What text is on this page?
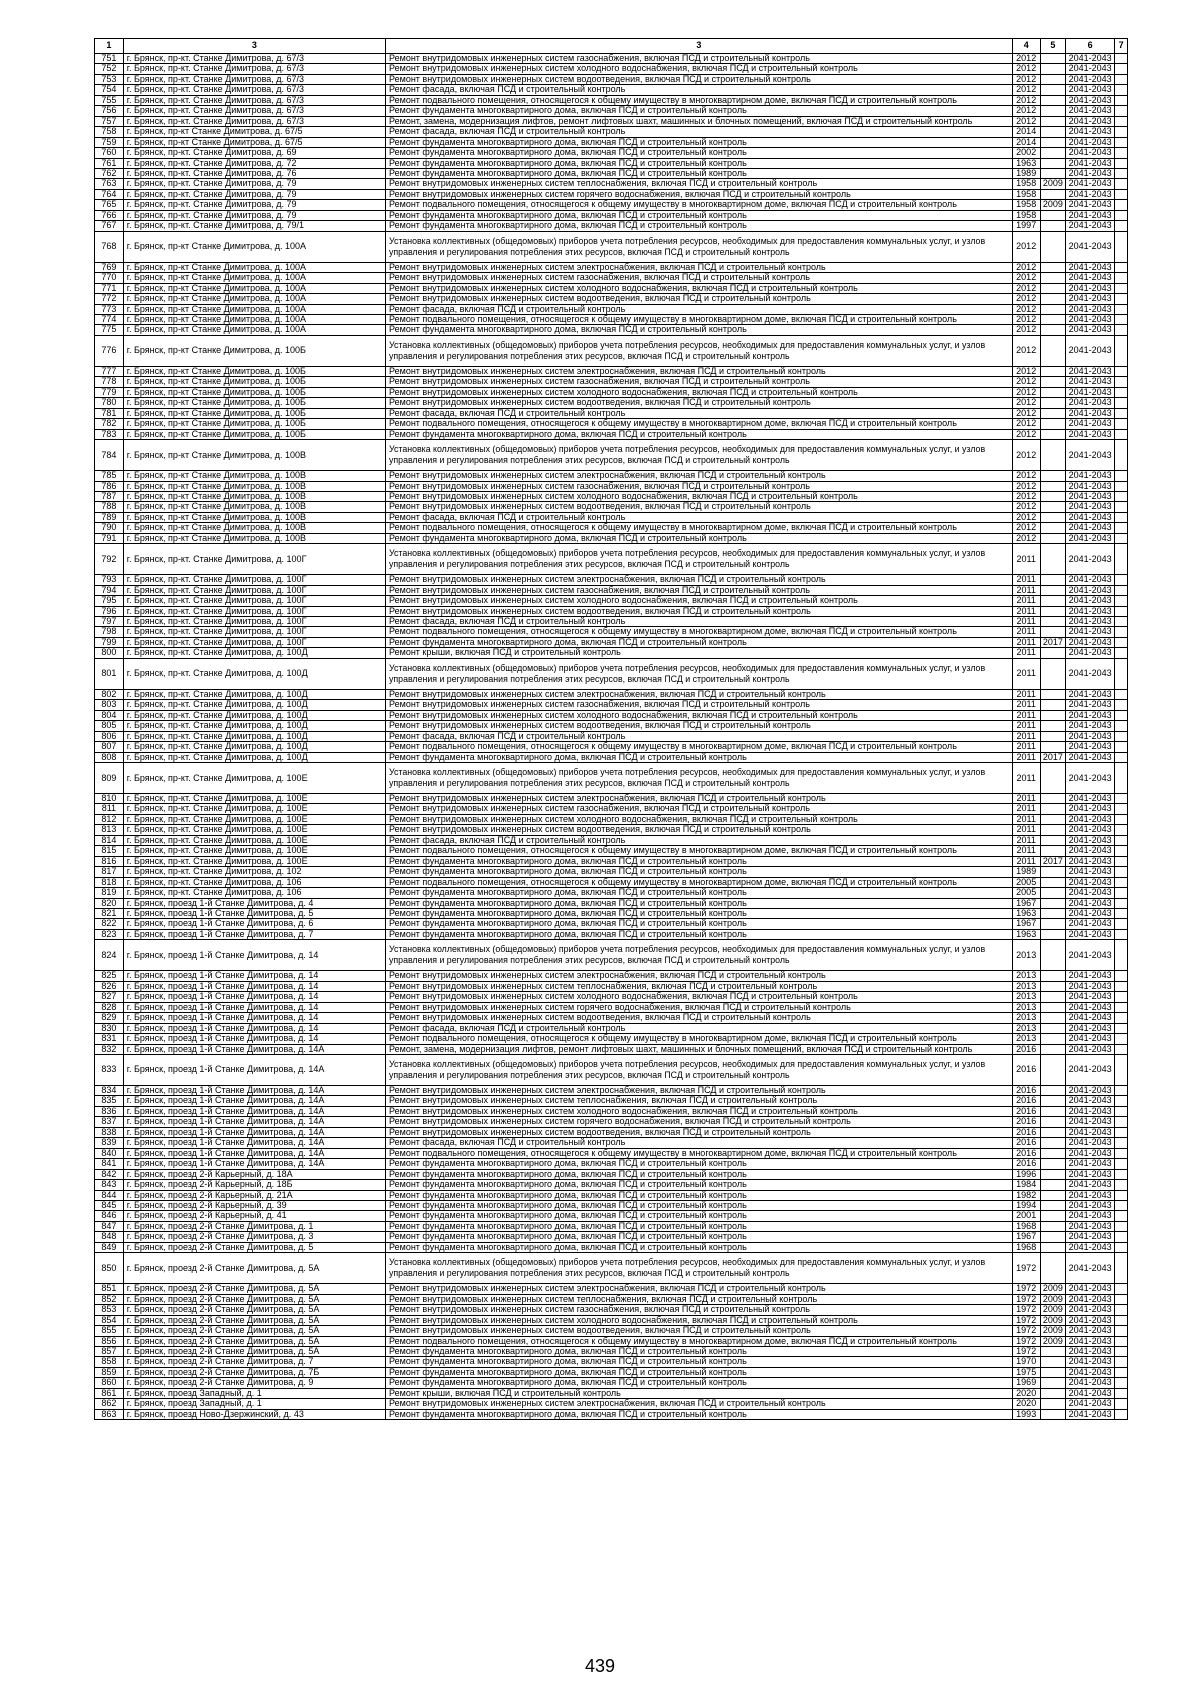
1	3	3	4	5	6	7
751	г. Брянск, пр-кт. Станке Димитрова, д. 67/3	Ремонт внутридомовых инженерных систем газоснабжения, включая ПСД и строительный контроль	2012		2041-2043	
752	г. Брянск, пр-кт. Станке Димитрова, д. 67/3	Ремонт внутридомовых инженерных систем холодного водоснабжения, включая ПСД и строительный контроль	2012		2041-2043	
753	г. Брянск, пр-кт. Станке Димитрова, д. 67/3	Ремонт внутридомовых инженерных систем водоотведения, включая ПСД и строительный контроль	2012		2041-2043	
754	г. Брянск, пр-кт. Станке Димитрова, д. 67/3	Ремонт фасада, включая ПСД и строительный контроль	2012		2041-2043	
755	г. Брянск, пр-кт. Станке Димитрова, д. 67/3	Ремонт подвального помещения, относящегося к общему имуществу в многоквартирном доме, включая ПСД и строительный контроль	2012		2041-2043	
756	г. Брянск, пр-кт. Станке Димитрова, д. 67/3	Ремонт фундамента многоквартирного дома, включая ПСД и строительный контроль	2012		2041-2043	
757	г. Брянск, пр-кт. Станке Димитрова, д. 67/3	Ремонт, замена, модернизация лифтов, ремонт лифтовых шахт, машинных и блочных помещений, включая ПСД и строительный контроль	2012		2041-2043	
758	г. Брянск, пр-кт Станке Димитрова, д. 67/5	Ремонт фасада, включая ПСД и строительный контроль	2014		2041-2043	
759	г. Брянск, пр-кт Станке Димитрова, д. 67/5	Ремонт фундамента многоквартирного дома, включая ПСД и строительный контроль	2014		2041-2043	
760	г. Брянск, пр-кт. Станке Димитрова, д. 69	Ремонт фундамента многоквартирного дома, включая ПСД и строительный контроль	2002		2041-2043	
761	г. Брянск, пр-кт. Станке Димитрова, д. 72	Ремонт фундамента многоквартирного дома, включая ПСД и строительный контроль	1963		2041-2043	
762	г. Брянск, пр-кт. Станке Димитрова, д. 76	Ремонт фундамента многоквартирного дома, включая ПСД и строительный контроль	1989		2041-2043	
763	г. Брянск, пр-кт. Станке Димитрова, д. 79	Ремонт внутридомовых инженерных систем теплоснабжения, включая ПСД и строительный контроль	1958	2009	2041-2043	
764	г. Брянск, пр-кт. Станке Димитрова, д. 79	Ремонт внутридомовых инженерных систем горячего водоснабжения, включая ПСД и строительный контроль	1958		2041-2043	
765	г. Брянск, пр-кт. Станке Димитрова, д. 79	Ремонт подвального помещения, относящегося к общему имуществу в многоквартирном доме, включая ПСД и строительный контроль	1958	2009	2041-2043	
766	г. Брянск, пр-кт. Станке Димитрова, д. 79	Ремонт фундамента многоквартирного дома, включая ПСД и строительный контроль	1958		2041-2043	
767	г. Брянск, пр-кт. Станке Димитрова, д. 79/1	Ремонт фундамента многоквартирного дома, включая ПСД и строительный контроль	1997		2041-2043	
768	г. Брянск, пр-кт Станке Димитрова, д. 100А	Установка коллективных (общедомовых) приборов учета потребления ресурсов, необходимых для предоставления коммунальных услуг, и узлов управления и регулирования потребления этих ресурсов, включая ПСД и строительный контроль	2012		2041-2043	
769	г. Брянск, пр-кт Станке Димитрова, д. 100А	Ремонт внутридомовых инженерных систем электроснабжения, включая ПСД и строительный контроль	2012		2041-2043	
770	г. Брянск, пр-кт Станке Димитрова, д. 100А	Ремонт внутридомовых инженерных систем газоснабжения, включая ПСД и строительный контроль	2012		2041-2043	
771	г. Брянск, пр-кт Станке Димитрова, д. 100А	Ремонт внутридомовых инженерных систем холодного водоснабжения, включая ПСД и строительный контроль	2012		2041-2043	
772	г. Брянск, пр-кт Станке Димитрова, д. 100А	Ремонт внутридомовых инженерных систем водоотведения, включая ПСД и строительный контроль	2012		2041-2043	
773	г. Брянск, пр-кт Станке Димитрова, д. 100А	Ремонт фасада, включая ПСД и строительный контроль	2012		2041-2043	
774	г. Брянск, пр-кт Станке Димитрова, д. 100А	Ремонт подвального помещения, относящегося к общему имуществу в многоквартирном доме, включая ПСД и строительный контроль	2012		2041-2043	
775	г. Брянск, пр-кт Станке Димитрова, д. 100А	Ремонт фундамента многоквартирного дома, включая ПСД и строительный контроль	2012		2041-2043	
776	г. Брянск, пр-кт Станке Димитрова, д. 100Б	Установка коллективных (общедомовых) приборов учета потребления ресурсов, необходимых для предоставления коммунальных услуг, и узлов управления и регулирования потребления этих ресурсов, включая ПСД и строительный контроль	2012		2041-2043	
777	г. Брянск, пр-кт Станке Димитрова, д. 100Б	Ремонт внутридомовых инженерных систем электроснабжения, включая ПСД и строительный контроль	2012		2041-2043	
778	г. Брянск, пр-кт Станке Димитрова, д. 100Б	Ремонт внутридомовых инженерных систем газоснабжения, включая ПСД и строительный контроль	2012		2041-2043	
779	г. Брянск, пр-кт Станке Димитрова, д. 100Б	Ремонт внутридомовых инженерных систем холодного водоснабжения, включая ПСД и строительный контроль	2012		2041-2043	
780	г. Брянск, пр-кт Станке Димитрова, д. 100Б	Ремонт внутридомовых инженерных систем водоотведения, включая ПСД и строительный контроль	2012		2041-2043	
781	г. Брянск, пр-кт Станке Димитрова, д. 100Б	Ремонт фасада, включая ПСД и строительный контроль	2012		2041-2043	
782	г. Брянск, пр-кт Станке Димитрова, д. 100Б	Ремонт подвального помещения, относящегося к общему имуществу в многоквартирном доме, включая ПСД и строительный контроль	2012		2041-2043	
783	г. Брянск, пр-кт Станке Димитрова, д. 100Б	Ремонт фундамента многоквартирного дома, включая ПСД и строительный контроль	2012		2041-2043	
784	г. Брянск, пр-кт Станке Димитрова, д. 100В	Установка коллективных (общедомовых) приборов учета потребления ресурсов, необходимых для предоставления коммунальных услуг, и узлов управления и регулирования потребления этих ресурсов, включая ПСД и строительный контроль	2012		2041-2043	
785	г. Брянск, пр-кт Станке Димитрова, д. 100В	Ремонт внутридомовых инженерных систем электроснабжения, включая ПСД и строительный контроль	2012		2041-2043	
786	г. Брянск, пр-кт Станке Димитрова, д. 100В	Ремонт внутридомовых инженерных систем газоснабжения, включая ПСД и строительный контроль	2012		2041-2043	
787	г. Брянск, пр-кт Станке Димитрова, д. 100В	Ремонт внутридомовых инженерных систем холодного водоснабжения, включая ПСД и строительный контроль	2012		2041-2043	
788	г. Брянск, пр-кт Станке Димитрова, д. 100В	Ремонт внутридомовых инженерных систем водоотведения, включая ПСД и строительный контроль	2012		2041-2043	
789	г. Брянск, пр-кт Станке Димитрова, д. 100В	Ремонт фасада, включая ПСД и строительный контроль	2012		2041-2043	
790	г. Брянск, пр-кт Станке Димитрова, д. 100В	Ремонт подвального помещения, относящегося к общему имуществу в многоквартирном доме, включая ПСД и строительный контроль	2012		2041-2043	
791	г. Брянск, пр-кт Станке Димитрова, д. 100В	Ремонт фундамента многоквартирного дома, включая ПСД и строительный контроль	2012		2041-2043	
792	г. Брянск, пр-кт. Станке Димитрова, д. 100Г	Установка коллективных (общедомовых) приборов учета потребления ресурсов, необходимых для предоставления коммунальных услуг, и узлов управления и регулирования потребления этих ресурсов, включая ПСД и строительный контроль	2011		2041-2043	
793	г. Брянск, пр-кт. Станке Димитрова, д. 100Г	Ремонт внутридомовых инженерных систем электроснабжения, включая ПСД и строительный контроль	2011		2041-2043	
794	г. Брянск, пр-кт. Станке Димитрова, д. 100Г	Ремонт внутридомовых инженерных систем газоснабжения, включая ПСД и строительный контроль	2011		2041-2043	
795	г. Брянск, пр-кт. Станке Димитрова, д. 100Г	Ремонт внутридомовых инженерных систем холодного водоснабжения, включая ПСД и строительный контроль	2011		2041-2043	
796	г. Брянск, пр-кт. Станке Димитрова, д. 100Г	Ремонт внутридомовых инженерных систем водоотведения, включая ПСД и строительный контроль	2011		2041-2043	
797	г. Брянск, пр-кт. Станке Димитрова, д. 100Г	Ремонт фасада, включая ПСД и строительный контроль	2011		2041-2043	
798	г. Брянск, пр-кт. Станке Димитрова, д. 100Г	Ремонт подвального помещения, относящегося к общему имуществу в многоквартирном доме, включая ПСД и строительный контроль	2011		2041-2043	
799	г. Брянск, пр-кт. Станке Димитрова, д. 100Г	Ремонт фундамента многоквартирного дома, включая ПСД и строительный контроль	2011	2017	2041-2043	
800	г. Брянск, пр-кт. Станке Димитрова, д. 100Д	Ремонт крыши, включая ПСД и строительный контроль	2011		2041-2043	
801	г. Брянск, пр-кт. Станке Димитрова, д. 100Д	Установка коллективных (общедомовых) приборов учета потребления ресурсов, необходимых для предоставления коммунальных услуг, и узлов управления и регулирования потребления этих ресурсов, включая ПСД и строительный контроль	2011		2041-2043	
802	г. Брянск, пр-кт. Станке Димитрова, д. 100Д	Ремонт внутридомовых инженерных систем электроснабжения, включая ПСД и строительный контроль	2011		2041-2043	
803	г. Брянск, пр-кт. Станке Димитрова, д. 100Д	Ремонт внутридомовых инженерных систем газоснабжения, включая ПСД и строительный контроль	2011		2041-2043	
804	г. Брянск, пр-кт. Станке Димитрова, д. 100Д	Ремонт внутридомовых инженерных систем холодного водоснабжения, включая ПСД и строительный контроль	2011		2041-2043	
805	г. Брянск, пр-кт. Станке Димитрова, д. 100Д	Ремонт внутридомовых инженерных систем водоотведения, включая ПСД и строительный контроль	2011		2041-2043	
806	г. Брянск, пр-кт. Станке Димитрова, д. 100Д	Ремонт фасада, включая ПСД и строительный контроль	2011		2041-2043	
807	г. Брянск, пр-кт. Станке Димитрова, д. 100Д	Ремонт подвального помещения, относящегося к общему имуществу в многоквартирном доме, включая ПСД и строительный контроль	2011		2041-2043	
808	г. Брянск, пр-кт. Станке Димитрова, д. 100Д	Ремонт фундамента многоквартирного дома, включая ПСД и строительный контроль	2011	2017	2041-2043	
809	г. Брянск, пр-кт. Станке Димитрова, д. 100Е	Установка коллективных (общедомовых) приборов учета потребления ресурсов, необходимых для предоставления коммунальных услуг, и узлов управления и регулирования потребления этих ресурсов, включая ПСД и строительный контроль	2011		2041-2043	
810	г. Брянск, пр-кт. Станке Димитрова, д. 100Е	Ремонт внутридомовых инженерных систем электроснабжения, включая ПСД и строительный контроль	2011		2041-2043	
811	г. Брянск, пр-кт. Станке Димитрова, д. 100Е	Ремонт внутридомовых инженерных систем газоснабжения, включая ПСД и строительный контроль	2011		2041-2043	
812	г. Брянск, пр-кт. Станке Димитрова, д. 100Е	Ремонт внутридомовых инженерных систем холодного водоснабжения, включая ПСД и строительный контроль	2011		2041-2043	
813	г. Брянск, пр-кт. Станке Димитрова, д. 100Е	Ремонт внутридомовых инженерных систем водоотведения, включая ПСД и строительный контроль	2011		2041-2043	
814	г. Брянск, пр-кт. Станке Димитрова, д. 100Е	Ремонт фасада, включая ПСД и строительный контроль	2011		2041-2043	
815	г. Брянск, пр-кт. Станке Димитрова, д. 100Е	Ремонт подвального помещения, относящегося к общему имуществу в многоквартирном доме, включая ПСД и строительный контроль	2011		2041-2043	
816	г. Брянск, пр-кт. Станке Димитрова, д. 100Е	Ремонт фундамента многоквартирного дома, включая ПСД и строительный контроль	2011	2017	2041-2043	
817	г. Брянск, пр-кт. Станке Димитрова, д. 102	Ремонт фундамента многоквартирного дома, включая ПСД и строительный контроль	1989		2041-2043	
818	г. Брянск, пр-кт. Станке Димитрова, д. 106	Ремонт подвального помещения, относящегося к общему имуществу в многоквартирном доме, включая ПСД и строительный контроль	2005		2041-2043	
819	г. Брянск, пр-кт. Станке Димитрова, д. 106	Ремонт фундамента многоквартирного дома, включая ПСД и строительный контроль	2005		2041-2043	
820	г. Брянск, проезд 1-й Станке Димитрова, д. 4	Ремонт фундамента многоквартирного дома, включая ПСД и строительный контроль	1967		2041-2043	
821	г. Брянск, проезд 1-й Станке Димитрова, д. 5	Ремонт фундамента многоквартирного дома, включая ПСД и строительный контроль	1963		2041-2043	
822	г. Брянск, проезд 1-й Станке Димитрова, д. 6	Ремонт фундамента многоквартирного дома, включая ПСД и строительный контроль	1967		2041-2043	
823	г. Брянск, проезд 1-й Станке Димитрова, д. 7	Ремонт фундамента многоквартирного дома, включая ПСД и строительный контроль	1963		2041-2043	
824	г. Брянск, проезд 1-й Станке Димитрова, д. 14	Установка коллективных (общедомовых) приборов учета потребления ресурсов, необходимых для предоставления коммунальных услуг, и узлов управления и регулирования потребления этих ресурсов, включая ПСД и строительный контроль	2013		2041-2043	
825	г. Брянск, проезд 1-й Станке Димитрова, д. 14	Ремонт внутридомовых инженерных систем электроснабжения, включая ПСД и строительный контроль	2013		2041-2043	
826	г. Брянск, проезд 1-й Станке Димитрова, д. 14	Ремонт внутридомовых инженерных систем теплоснабжения, включая ПСД и строительный контроль	2013		2041-2043	
827	г. Брянск, проезд 1-й Станке Димитрова, д. 14	Ремонт внутридомовых инженерных систем холодного водоснабжения, включая ПСД и строительный контроль	2013		2041-2043	
828	г. Брянск, проезд 1-й Станке Димитрова, д. 14	Ремонт внутридомовых инженерных систем горячего водоснабжения, включая ПСД и строительный контроль	2013		2041-2043	
829	г. Брянск, проезд 1-й Станке Димитрова, д. 14	Ремонт внутридомовых инженерных систем водоотведения, включая ПСД и строительный контроль	2013		2041-2043	
830	г. Брянск, проезд 1-й Станке Димитрова, д. 14	Ремонт фасада, включая ПСД и строительный контроль	2013		2041-2043	
831	г. Брянск, проезд 1-й Станке Димитрова, д. 14	Ремонт подвального помещения, относящегося к общему имуществу в многоквартирном доме, включая ПСД и строительный контроль	2013		2041-2043	
832	г. Брянск, проезд 1-й Станке Димитрова, д. 14А	Ремонт, замена, модернизация лифтов, ремонт лифтовых шахт, машинных и блочных помещений, включая ПСД и строительный контроль	2016		2041-2043	
833	г. Брянск, проезд 1-й Станке Димитрова, д. 14А	Установка коллективных (общедомовых) приборов учета потребления ресурсов, необходимых для предоставления коммунальных услуг, и узлов управления и регулирования потребления этих ресурсов, включая ПСД и строительный контроль	2016		2041-2043	
834	г. Брянск, проезд 1-й Станке Димитрова, д. 14А	Ремонт внутридомовых инженерных систем электроснабжения, включая ПСД и строительный контроль	2016		2041-2043	
835	г. Брянск, проезд 1-й Станке Димитрова, д. 14А	Ремонт внутридомовых инженерных систем теплоснабжения, включая ПСД и строительный контроль	2016		2041-2043	
836	г. Брянск, проезд 1-й Станке Димитрова, д. 14А	Ремонт внутридомовых инженерных систем холодного водоснабжения, включая ПСД и строительный контроль	2016		2041-2043	
837	г. Брянск, проезд 1-й Станке Димитрова, д. 14А	Ремонт внутридомовых инженерных систем горячего водоснабжения, включая ПСД и строительный контроль	2016		2041-2043	
838	г. Брянск, проезд 1-й Станке Димитрова, д. 14А	Ремонт внутридомовых инженерных систем водоотведения, включая ПСД и строительный контроль	2016		2041-2043	
839	г. Брянск, проезд 1-й Станке Димитрова, д. 14А	Ремонт фасада, включая ПСД и строительный контроль	2016		2041-2043	
840	г. Брянск, проезд 1-й Станке Димитрова, д. 14А	Ремонт подвального помещения, относящегося к общему имуществу в многоквартирном доме, включая ПСД и строительный контроль	2016		2041-2043	
841	г. Брянск, проезд 1-й Станке Димитрова, д. 14А	Ремонт фундамента многоквартирного дома, включая ПСД и строительный контроль	2016		2041-2043	
842	г. Брянск, проезд 2-й Карьерный, д. 18А	Ремонт фундамента многоквартирного дома, включая ПСД и строительный контроль	1996		2041-2043	
843	г. Брянск, проезд 2-й Карьерный, д. 18Б	Ремонт фундамента многоквартирного дома, включая ПСД и строительный контроль	1984		2041-2043	
844	г. Брянск, проезд 2-й Карьерный, д. 21А	Ремонт фундамента многоквартирного дома, включая ПСД и строительный контроль	1982		2041-2043	
845	г. Брянск, проезд 2-й Карьерный, д. 39	Ремонт фундамента многоквартирного дома, включая ПСД и строительный контроль	1994		2041-2043	
846	г. Брянск, проезд 2-й Карьерный, д. 41	Ремонт фундамента многоквартирного дома, включая ПСД и строительный контроль	2001		2041-2043	
847	г. Брянск, проезд 2-й Станке Димитрова, д. 1	Ремонт фундамента многоквартирного дома, включая ПСД и строительный контроль	1968		2041-2043	
848	г. Брянск, проезд 2-й Станке Димитрова, д. 3	Ремонт фундамента многоквартирного дома, включая ПСД и строительный контроль	1967		2041-2043	
849	г. Брянск, проезд 2-й Станке Димитрова, д. 5	Ремонт фундамента многоквартирного дома, включая ПСД и строительный контроль	1968		2041-2043	
850	г. Брянск, проезд 2-й Станке Димитрова, д. 5А	Установка коллективных (общедомовых) приборов учета потребления ресурсов, необходимых для предоставления коммунальных услуг, и узлов управления и регулирования потребления этих ресурсов, включая ПСД и строительный контроль	1972		2041-2043	
851	г. Брянск, проезд 2-й Станке Димитрова, д. 5А	Ремонт внутридомовых инженерных систем электроснабжения, включая ПСД и строительный контроль	1972	2009	2041-2043	
852	г. Брянск, проезд 2-й Станке Димитрова, д. 5А	Ремонт внутридомовых инженерных систем теплоснабжения, включая ПСД и строительный контроль	1972	2009	2041-2043	
853	г. Брянск, проезд 2-й Станке Димитрова, д. 5А	Ремонт внутридомовых инженерных систем газоснабжения, включая ПСД и строительный контроль	1972	2009	2041-2043	
854	г. Брянск, проезд 2-й Станке Димитрова, д. 5А	Ремонт внутридомовых инженерных систем холодного водоснабжения, включая ПСД и строительный контроль	1972	2009	2041-2043	
855	г. Брянск, проезд 2-й Станке Димитрова, д. 5А	Ремонт внутридомовых инженерных систем водоотведения, включая ПСД и строительный контроль	1972	2009	2041-2043	
856	г. Брянск, проезд 2-й Станке Димитрова, д. 5А	Ремонт подвального помещения, относящегося к общему имуществу в многоквартирном доме, включая ПСД и строительный контроль	1972	2009	2041-2043	
857	г. Брянск, проезд 2-й Станке Димитрова, д. 5А	Ремонт фундамента многоквартирного дома, включая ПСД и строительный контроль	1972		2041-2043	
858	г. Брянск, проезд 2-й Станке Димитрова, д. 7	Ремонт фундамента многоквартирного дома, включая ПСД и строительный контроль	1970		2041-2043	
859	г. Брянск, проезд 2-й Станке Димитрова, д. 7Б	Ремонт фундамента многоквартирного дома, включая ПСД и строительный контроль	1975		2041-2043	
860	г. Брянск, проезд 2-й Станке Димитрова, д. 9	Ремонт фундамента многоквартирного дома, включая ПСД и строительный контроль	1969		2041-2043	
861	г. Брянск, проезд Западный, д. 1	Ремонт крыши, включая ПСД и строительный контроль	2020		2041-2043	
862	г. Брянск, проезд Западный, д. 1	Ремонт внутридомовых инженерных систем электроснабжения, включая ПСД и строительный контроль	2020		2041-2043	
863	г. Брянск, проезд Ново-Дзержинский, д. 43	Ремонт фундамента многоквартирного дома, включая ПСД и строительный контроль	1993		2041-2043	
439
